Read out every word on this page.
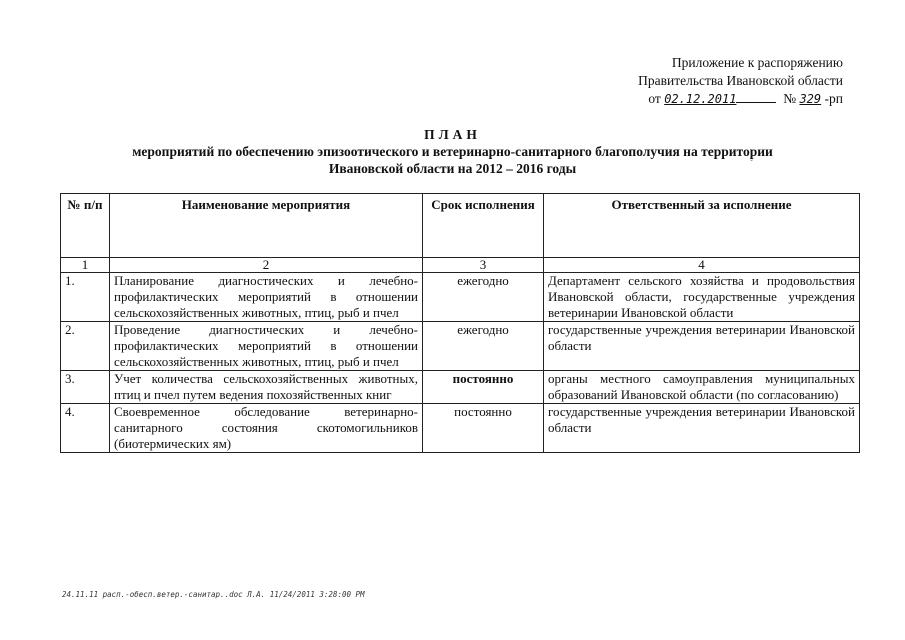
Приложение к распоряжению
Правительства Ивановской области
от 02.12.2011	№ 329 -рп
ПЛАН
мероприятий по обеспечению эпизоотического и ветеринарно-санитарного благополучия на территории
Ивановской области на 2012 – 2016 годы	ˇ
№ п/п	Наименование мероприятия	Срок исполнения	Ответственный за исполнение
1	2	3	4
1.	Планирование диагностических и лечебно-профилактических мероприятий в отношении сельскохозяйственных животных, птиц, рыб и пчел	ежегодно	Департамент сельского хозяйства и продовольствия Ивановской области, государственные учреждения ветеринарии Ивановской области
2.	Проведение диагностических и лечебно-профилактических мероприятий в отношении сельскохозяйственных животных, птиц, рыб и пчел	ежегодно	государственные учреждения ветеринарии Ивановской области
3.	Учет количества сельскохозяйственных животных, птиц и пчел путем ведения похозяйственных книг	постоянно	органы местного самоуправления муниципальных образований Ивановской области (по согласованию)
4.	Своевременное обследование ветеринарно-санитарного состояния скотомогильников (биотермических ям)	постоянно	государственные учреждения ветеринарии Ивановской области
24.11.11 расп.-обесп.ветер.-санитар..doc Л.А. 11/24/2011 3:28:00 PM
